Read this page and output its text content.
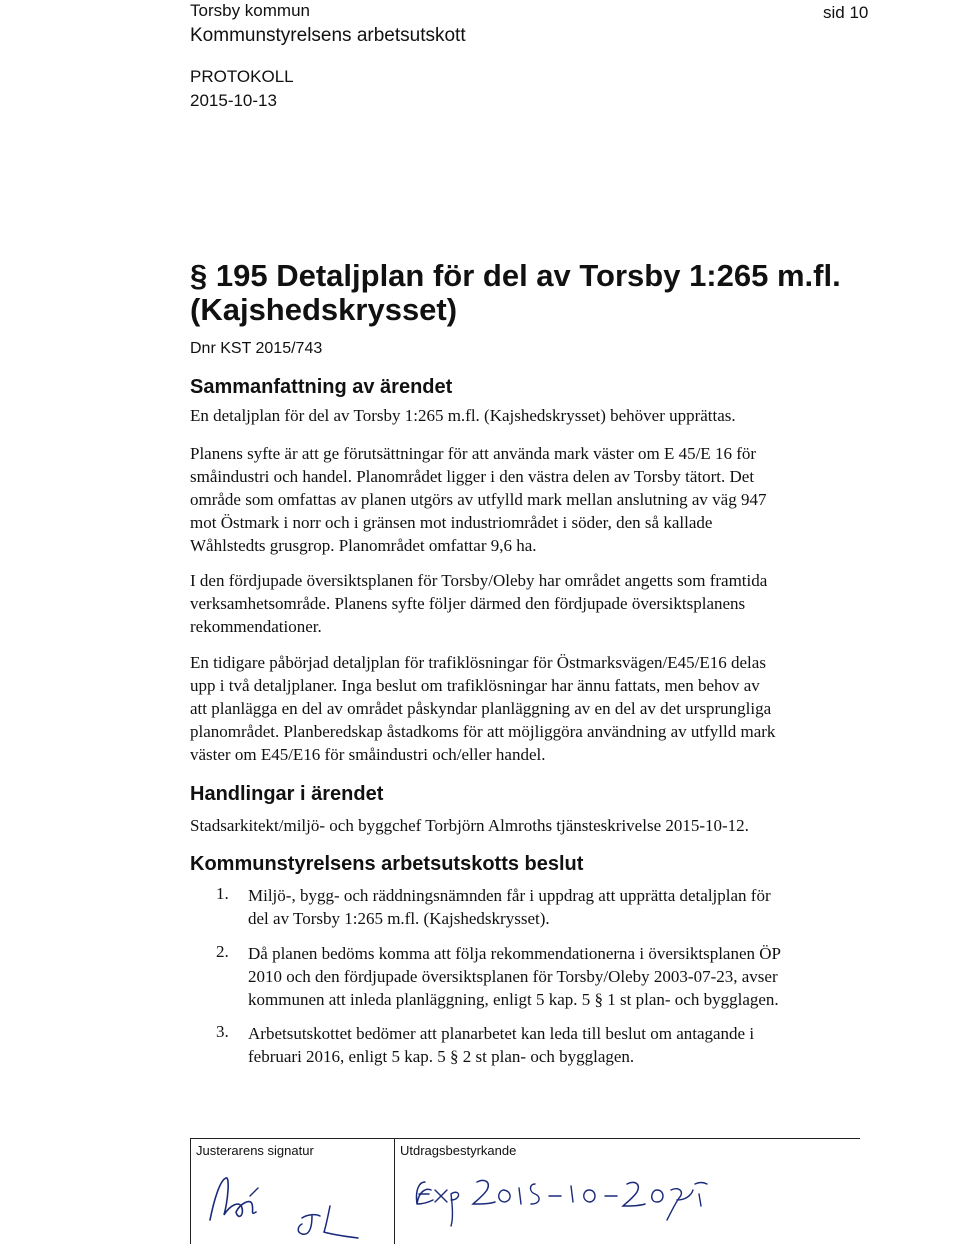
Torsby kommun
Kommunstyrelsens arbetsutskott
sid 10
PROTOKOLL
2015-10-13
§ 195 Detaljplan för del av Torsby 1:265 m.fl.
(Kajshedskrysset)
Dnr KST 2015/743
Sammanfattning av ärendet
En detaljplan för del av Torsby 1:265 m.fl. (Kajshedskrysset) behöver upprättas.
Planens syfte är att ge förutsättningar för att använda mark väster om E 45/E 16 för
småindustri och handel. Planområdet ligger i den västra delen av Torsby tätort. Det
område som omfattas av planen utgörs av utfylld mark mellan anslutning av väg 947
mot Östmark i norr och i gränsen mot industriområdet i söder, den så kallade
Wåhlstedts grusgrop. Planområdet omfattar 9,6 ha.
I den fördjupade översiktsplanen för Torsby/Oleby har området angetts som framtida
verksamhetsområde. Planens syfte följer därmed den fördjupade översiktsplanens
rekommendationer.
En tidigare påbörjad detaljplan för trafiklösningar för Östmarksvägen/E45/E16 delas
upp i två detaljplaner. Inga beslut om trafiklösningar har ännu fattats, men behov av
att planlägga en del av området påskyndar planläggning av en del av det ursprungliga
planområdet. Planberedskap åstadkoms för att möjliggöra användning av utfylld mark
väster om E45/E16 för småindustri och/eller handel.
Handlingar i ärendet
Stadsarkitekt/miljö- och byggchef Torbjörn Almroths tjänsteskrivelse 2015-10-12.
Kommunstyrelsens arbetsutskotts beslut
1. Miljö-, bygg- och räddningsnämnden får i uppdrag att upprätta detaljplan för
del av Torsby 1:265 m.fl. (Kajshedskrysset).
2. Då planen bedöms komma att följa rekommendationerna i översiktsplanen ÖP
2010 och den fördjupade översiktsplanen för Torsby/Oleby 2003-07-23, avser
kommunen att inleda planläggning, enligt 5 kap. 5 § 1 st plan- och bygglagen.
3. Arbetsutskottet bedömer att planarbetet kan leda till beslut om antagande i
februari 2016, enligt 5 kap. 5 § 2 st plan- och bygglagen.
Justerarens signatur	Utdragsbestyrkande
